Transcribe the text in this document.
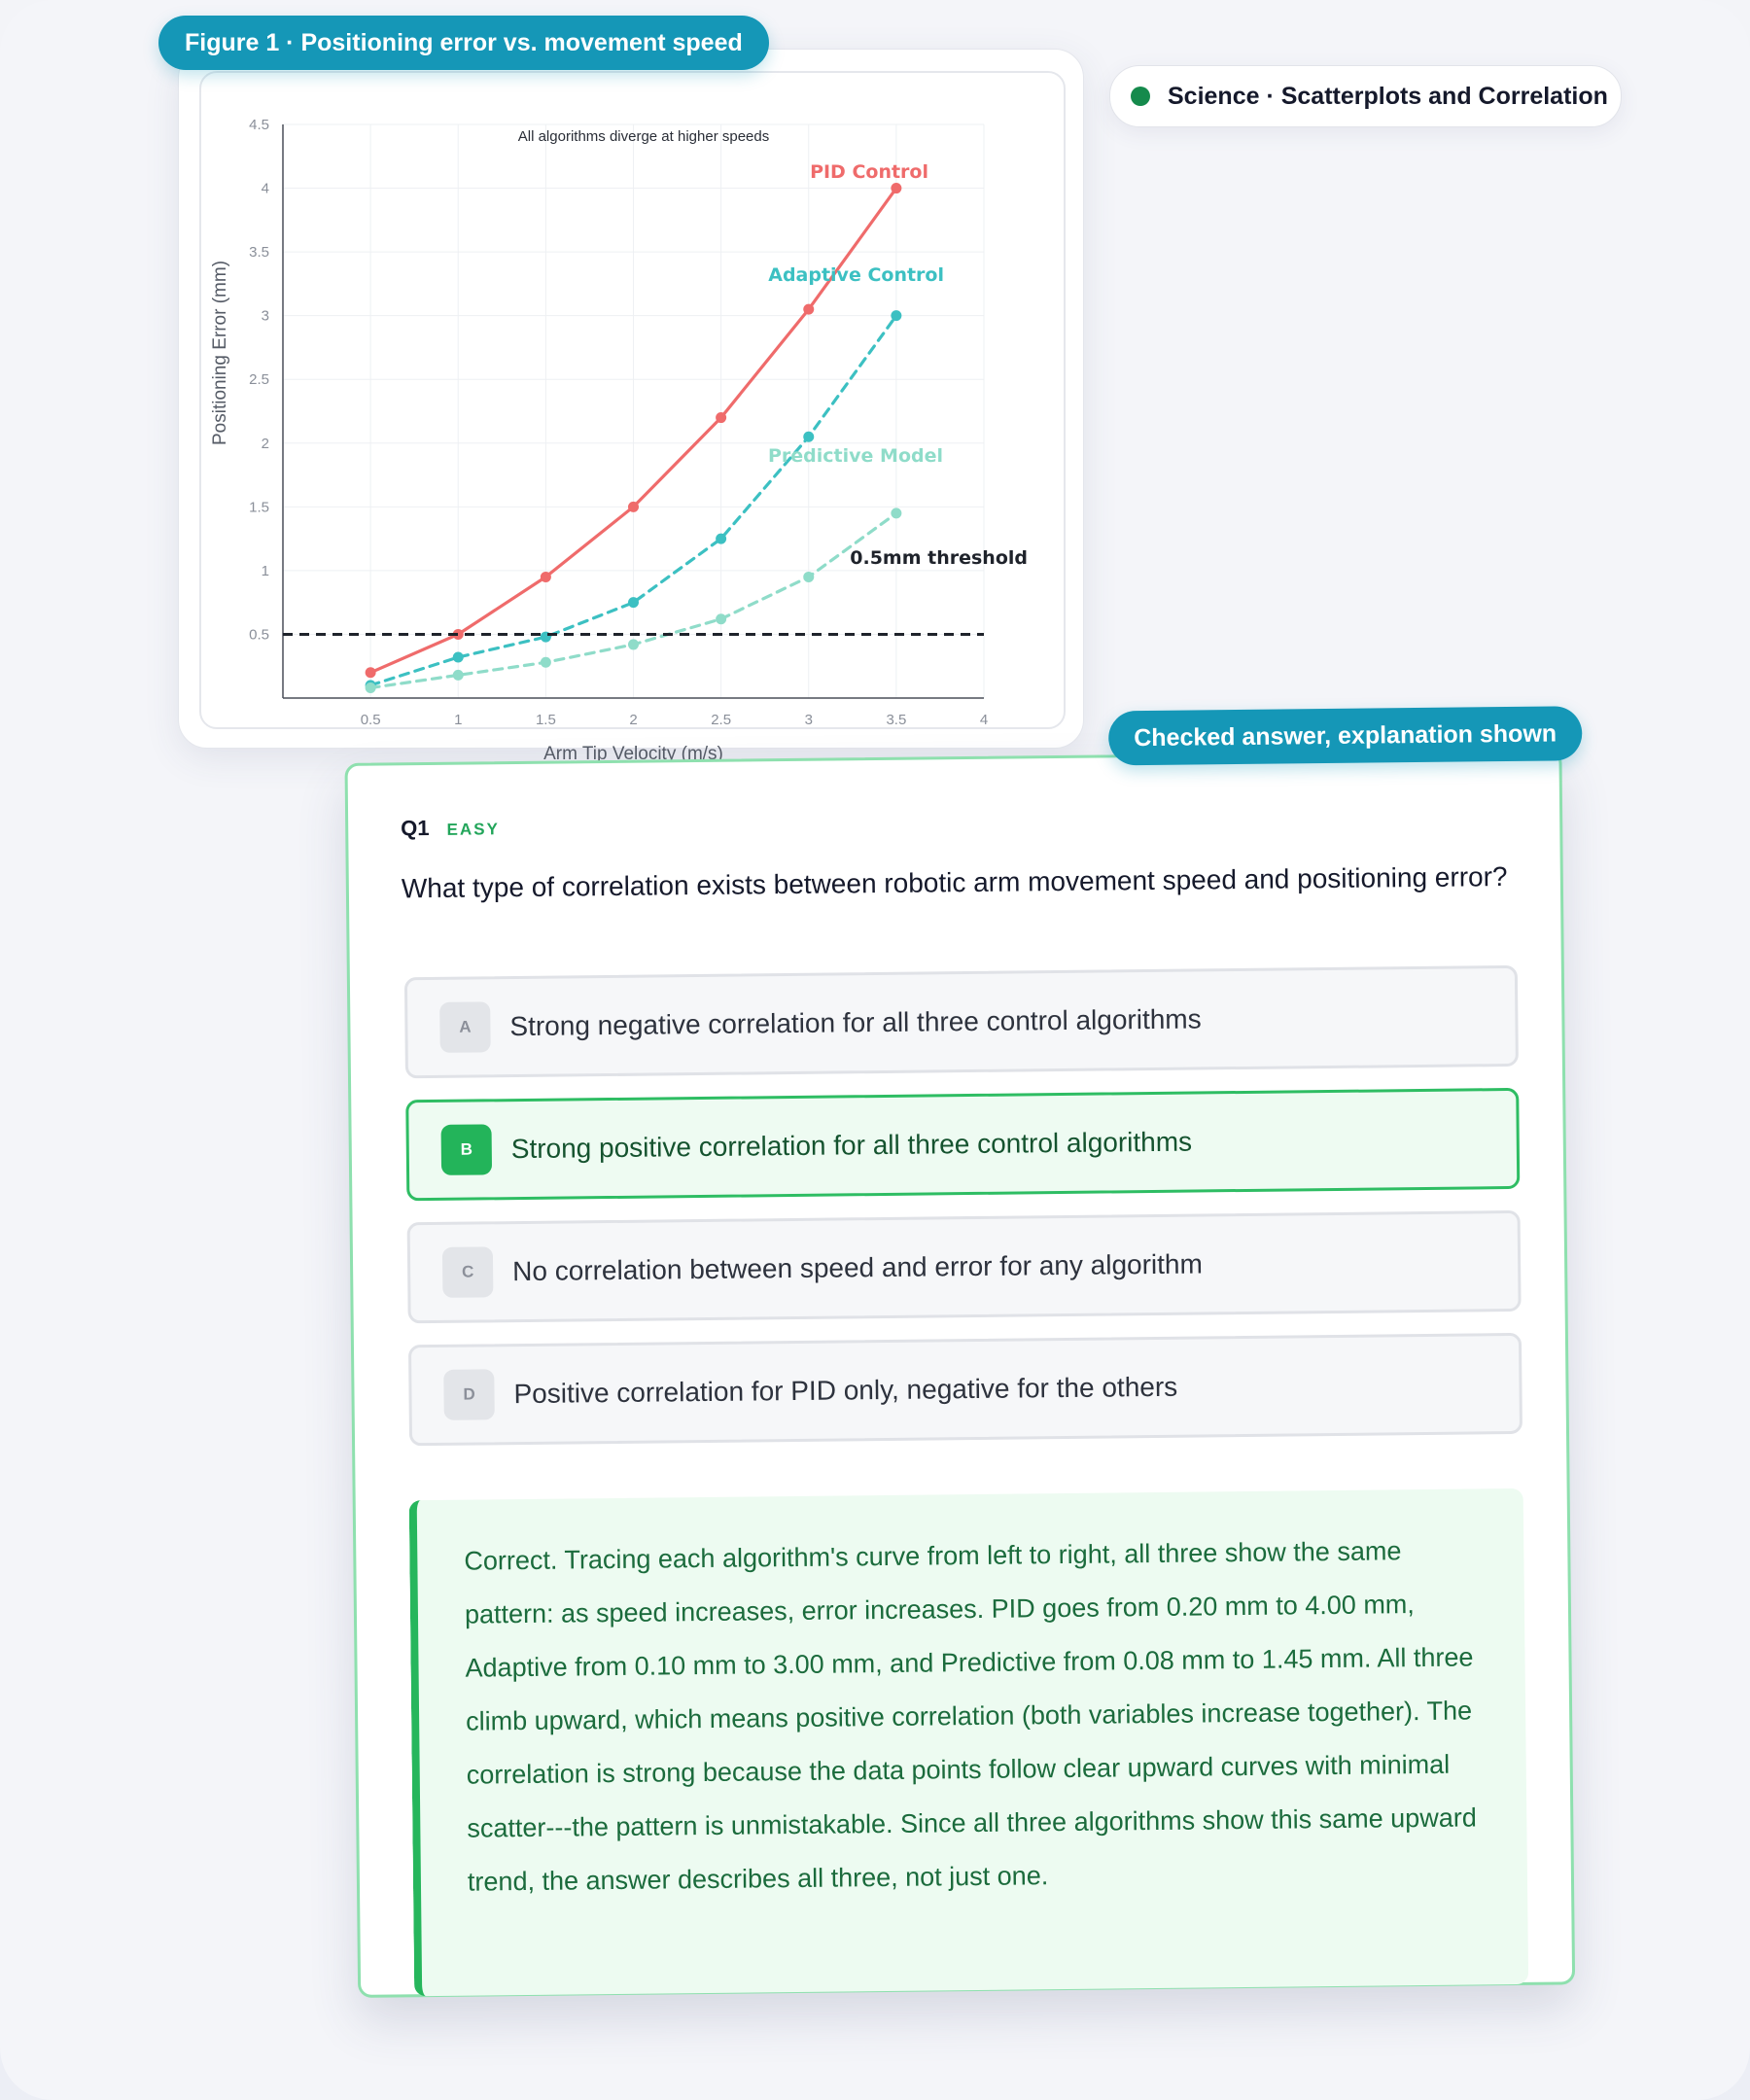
0.5	1	1.5	2	2.5	3	3.5	4
0.5
1
1.5
2
2.5
3
3.5
4
4.5
Arm Tip Velocity (m/s)
Positioning Error (mm)
All algorithms diverge at higher speeds
PID Control
Adaptive Control
Predictive Model
0.5mm threshold
Figure 1 · Positioning error vs. movement speed
Science · Scatterplots and Correlation
Q1 EASY
What type of correlation exists between robotic arm movement speed and positioning error?
A	Strong negative correlation for all three control algorithms
B	Strong positive correlation for all three control algorithms
C	No correlation between speed and error for any algorithm
D	Positive correlation for PID only, negative for the others
Correct. Tracing each algorithm's curve from left to right, all three show the same pattern: as speed increases, error increases. PID goes from 0.20 mm to 4.00 mm, Adaptive from 0.10 mm to 3.00 mm, and Predictive from 0.08 mm to 1.45 mm. All three climb upward, which means positive correlation (both variables increase together). The correlation is strong because the data points follow clear upward curves with minimal scatter---the pattern is unmistakable. Since all three algorithms show this same upward trend, the answer describes all three, not just one.
Checked answer, explanation shown
